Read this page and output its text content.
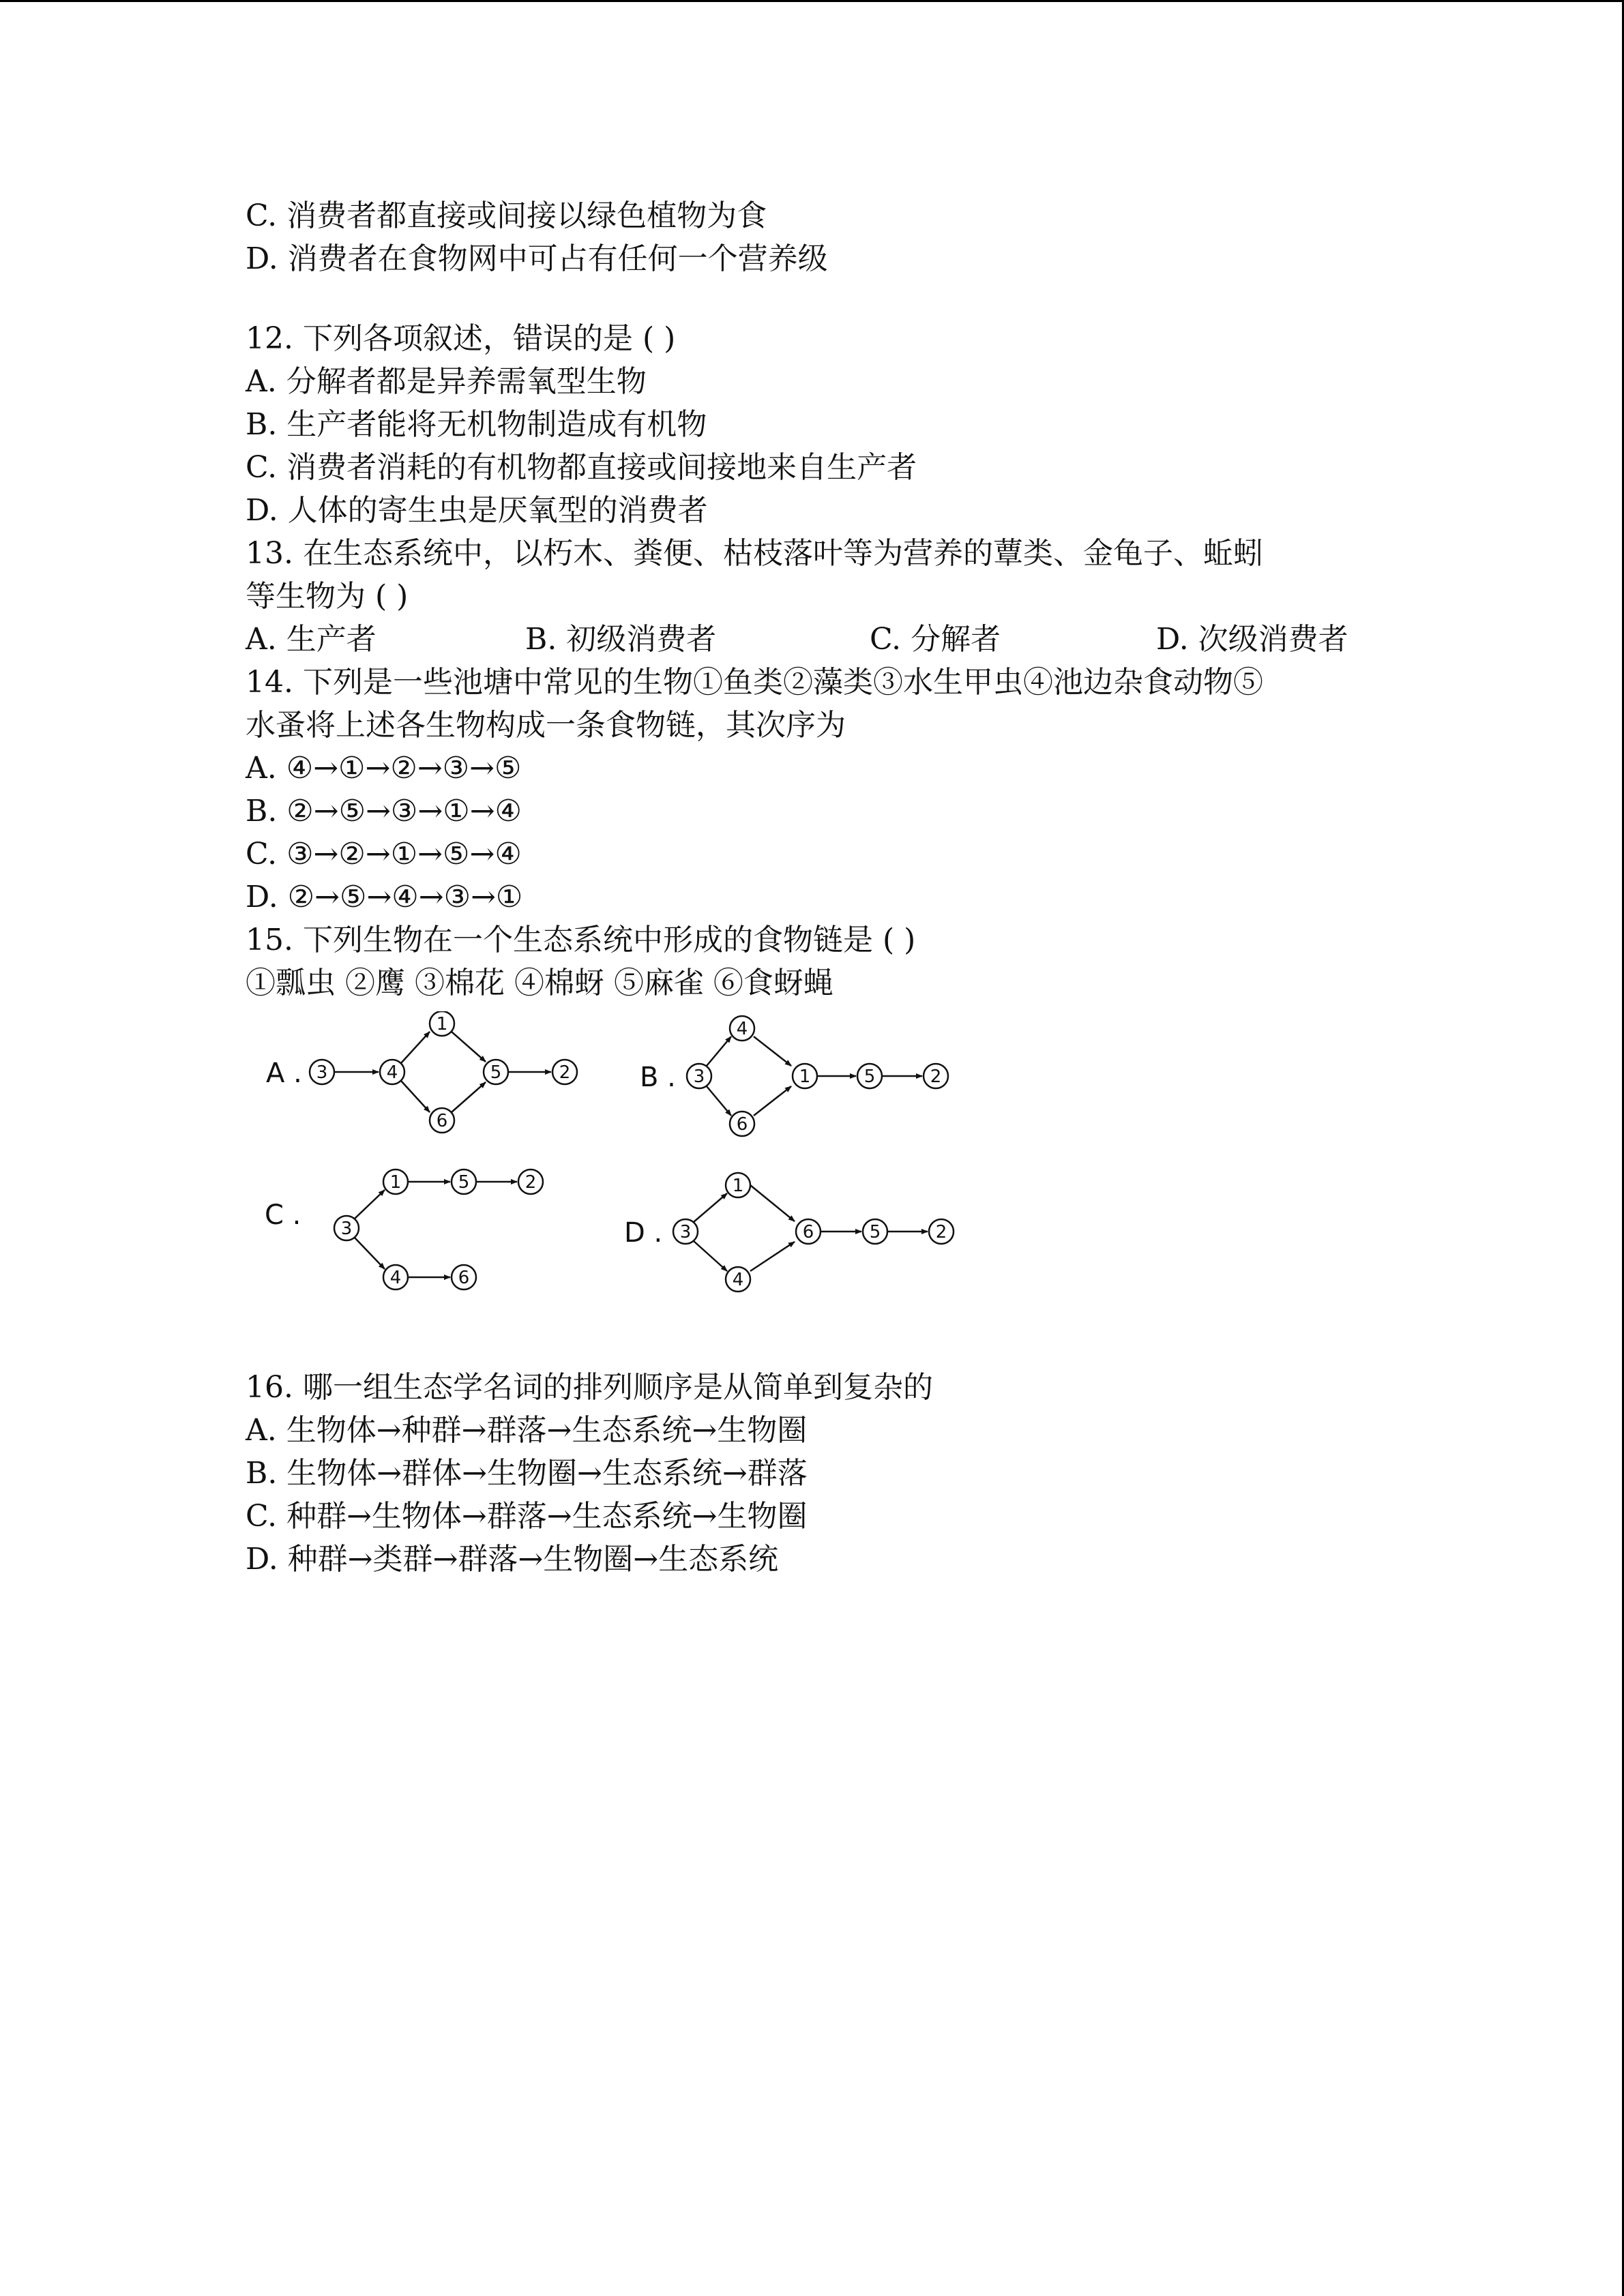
C. 消费者都直接或间接以绿色植物为食
D. 消费者在食物网中可占有任何一个营养级
12. 下列各项叙述，错误的是 ( )
A. 分解者都是异养需氧型生物
B. 生产者能将无机物制造成有机物
C. 消费者消耗的有机物都直接或间接地来自生产者
D. 人体的寄生虫是厌氧型的消费者
13. 在生态系统中，以朽木、粪便、枯枝落叶等为营养的蕈类、金龟子、蚯蚓
等生物为 ( )
A. 生产者	B. 初级消费者	C. 分解者	D. 次级消费者
14. 下列是一些池塘中常见的生物①鱼类②藻类③水生甲虫④池边杂食动物⑤
水蚤将上述各生物构成一条食物链，其次序为
A. ④→①→②→③→⑤
B. ②→⑤→③→①→④
C. ③→②→①→⑤→④
D. ②→⑤→④→③→①
15. 下列生物在一个生态系统中形成的食物链是 ( )
①瓢虫 ②鹰 ③棉花 ④棉蚜 ⑤麻雀 ⑥食蚜蝇
A .	B .
C .
D .
3	4
1
6
5	2	3
4
6
1	5	2
3
1	5	2
4	6
3
1
4
6	5	2
16. 哪一组生态学名词的排列顺序是从简单到复杂的
A. 生物体→种群→群落→生态系统→生物圈
B. 生物体→群体→生物圈→生态系统→群落
C. 种群→生物体→群落→生态系统→生物圈
D. 种群→类群→群落→生物圈→生态系统
